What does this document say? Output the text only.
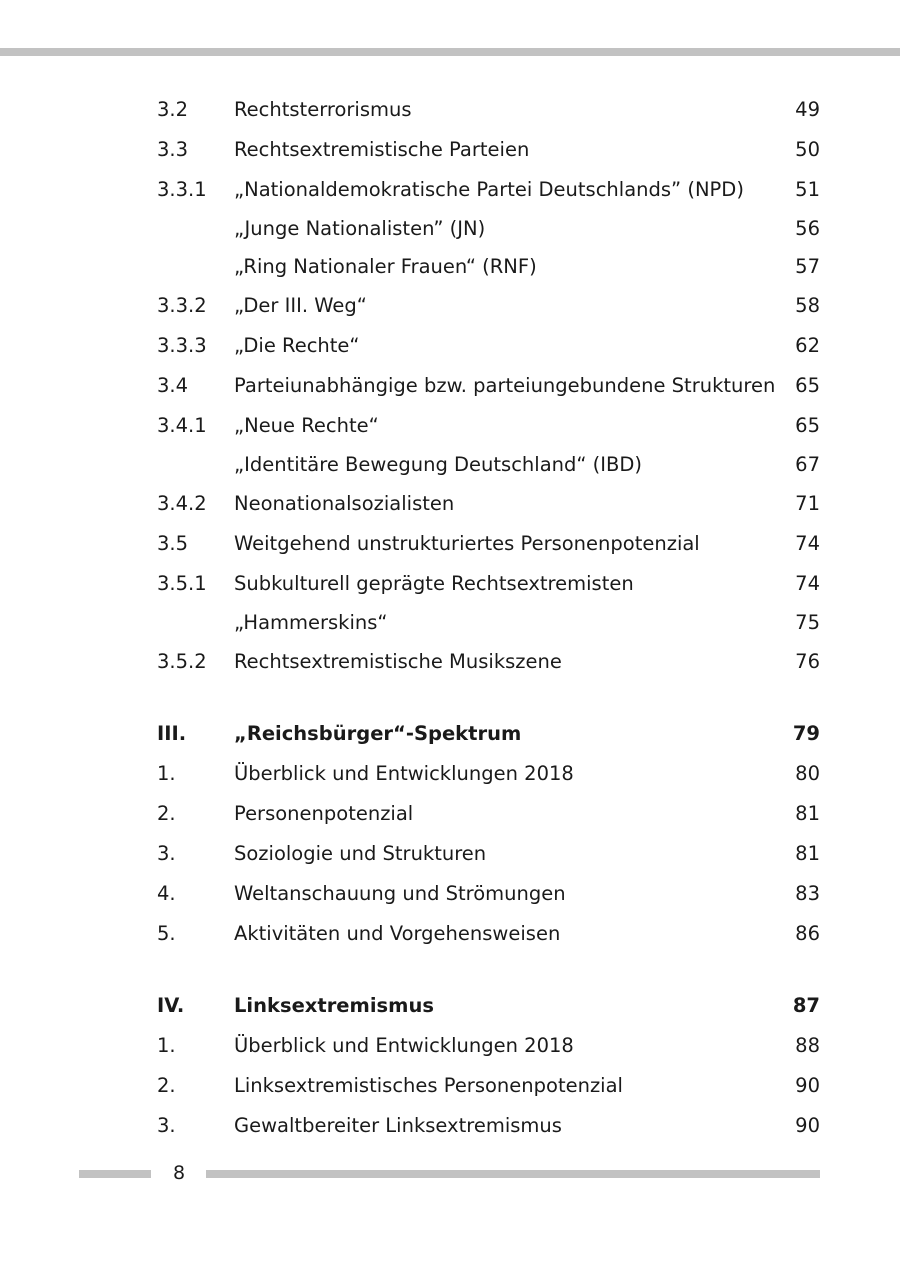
3.2 Rechtsterrorismus	49
3.3 Rechtsextremistische Parteien	50
3.3.1 „Nationaldemokratische Partei Deutschlands” (NPD)	51
„Junge Nationalisten” (JN)	56
„Ring Nationaler Frauen“ (RNF)	57
3.3.2 „Der III. Weg“	58
3.3.3 „Die Rechte“	62
3.4 Parteiunabhängige bzw. parteiungebundene Strukturen 65
3.4.1 „Neue Rechte“	65
„Identitäre Bewegung Deutschland“ (IBD)	67
3.4.2 Neonationalsozialisten	71
3.5 Weitgehend unstrukturiertes Personenpotenzial	74
3.5.1 Subkulturell geprägte Rechtsextremisten	74
„Hammerskins“	75
3.5.2 Rechtsextremistische Musikszene	76
III. „Reichsbürger“-Spektrum	79
1.	Überblick und Entwicklungen 2018	80
2.	Personenpotenzial	81
3.	Soziologie und Strukturen	81
4.	Weltanschauung und Strömungen	83
5.	Aktivitäten und Vorgehensweisen	86
IV.	Linksextremismus	87
1.	Überblick und Entwicklungen 2018	88
2.	Linksextremistisches Personenpotenzial	90
3.	Gewaltbereiter Linksextremismus	90
8
